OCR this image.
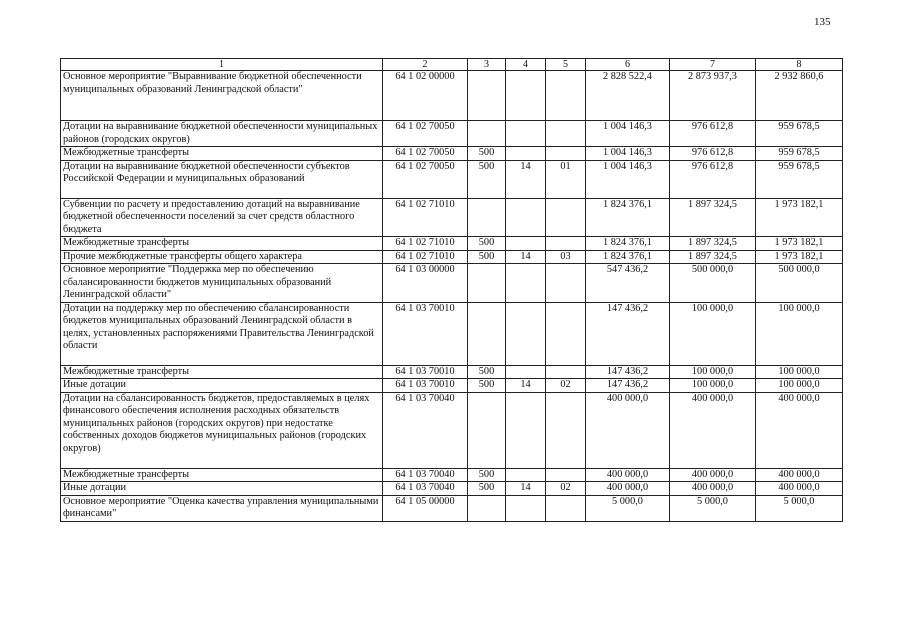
135
1	2	3	4	5	6	7	8
Основное мероприятие "Выравнивание бюджетной обеспеченности муниципальных образований Ленинградской области"	64 1 02 00000				2 828 522,4	2 873 937,3	2 932 860,6
Дотации на выравнивание бюджетной обеспеченности муниципальных районов (городских округов)	64 1 02 70050				1 004 146,3	976 612,8	959 678,5
Межбюджетные трансферты	64 1 02 70050	500			1 004 146,3	976 612,8	959 678,5
Дотации на выравнивание бюджетной обеспеченности субъектов Российской Федерации и муниципальных образований	64 1 02 70050	500	14	01	1 004 146,3	976 612,8	959 678,5
Субвенции по расчету и предоставлению дотаций на выравнивание бюджетной обеспеченности поселений за счет средств областного бюджета	64 1 02 71010				1 824 376,1	1 897 324,5	1 973 182,1
Межбюджетные трансферты	64 1 02 71010	500			1 824 376,1	1 897 324,5	1 973 182,1
Прочие межбюджетные трансферты общего характера	64 1 02 71010	500	14	03	1 824 376,1	1 897 324,5	1 973 182,1
Основное мероприятие "Поддержка мер по обеспечению сбалансированности бюджетов муниципальных образований Ленинградской области"	64 1 03 00000				547 436,2	500 000,0	500 000,0
Дотации на поддержку мер по обеспечению сбалансированности бюджетов муниципальных образований Ленинградской области в целях, установленных распоряжениями Правительства Ленинградской области	64 1 03 70010				147 436,2	100 000,0	100 000,0
Межбюджетные трансферты	64 1 03 70010	500			147 436,2	100 000,0	100 000,0
Иные дотации	64 1 03 70010	500	14	02	147 436,2	100 000,0	100 000,0
Дотации на сбалансированность бюджетов, предоставляемых в целях финансового обеспечения исполнения расходных обязательств муниципальных районов (городских округов) при недостатке собственных доходов бюджетов муниципальных районов (городских округов)	64 1 03 70040				400 000,0	400 000,0	400 000,0
Межбюджетные трансферты	64 1 03 70040	500			400 000,0	400 000,0	400 000,0
Иные дотации	64 1 03 70040	500	14	02	400 000,0	400 000,0	400 000,0
Основное мероприятие "Оценка качества управления муниципальными финансами"	64 1 05 00000				5 000,0	5 000,0	5 000,0
